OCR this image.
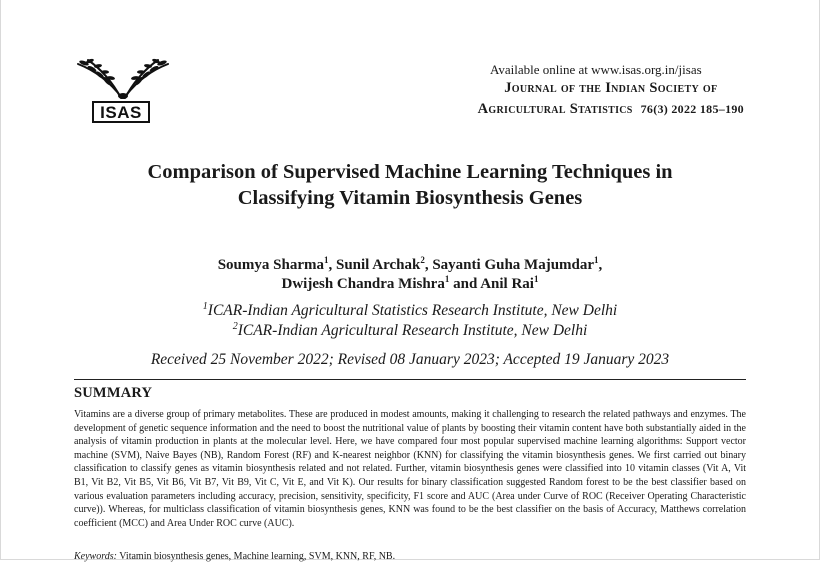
ISAS
Available online at www.isas.org.in/jisas
Journal of the Indian Society of
Agricultural Statistics 76(3) 2022 185–190
Comparison of Supervised Machine Learning Techniques in
Classifying Vitamin Biosynthesis Genes
Soumya Sharma$^1$, Sunil Archak$^2$, Sayanti Guha Majumdar$^1$,
Dwijesh Chandra Mishra$^1$ and Anil Rai$^1$
$^1$ICAR-Indian Agricultural Statistics Research Institute, New Delhi
$^2$ICAR-Indian Agricultural Research Institute, New Delhi
Received 25 November 2022; Revised 08 January 2023; Accepted 19 January 2023
SUMMARY
Vitamins are a diverse group of primary metabolites. These are produced in modest amounts, making it challenging to research the related pathways and enzymes. The development of genetic sequence information and the need to boost the nutritional value of plants by boosting their vitamin content have both substantially aided in the analysis of vitamin production in plants at the molecular level. Here, we have compared four most popular supervised machine learning algorithms: Support vector machine (SVM), Naive Bayes (NB), Random Forest (RF) and K-nearest neighbor (KNN) for classifying the vitamin biosynthesis genes. We first carried out binary classification to classify genes as vitamin biosynthesis related and not related. Further, vitamin biosynthesis genes were classified into 10 vitamin classes (Vit A, Vit B1, Vit B2, Vit B5, Vit B6, Vit B7, Vit B9, Vit C, Vit E, and Vit K). Our results for binary classification suggested Random forest to be the best classifier based on various evaluation parameters including accuracy, precision, sensitivity, specificity, F1 score and AUC (Area under Curve of ROC (Receiver Operating Characteristic curve)). Whereas, for multiclass classification of vitamin biosynthesis genes, KNN was found to be the best classifier on the basis of Accuracy, Matthews correlation coefficient (MCC) and Area Under ROC curve (AUC).
Keywords: Vitamin biosynthesis genes, Machine learning, SVM, KNN, RF, NB.
